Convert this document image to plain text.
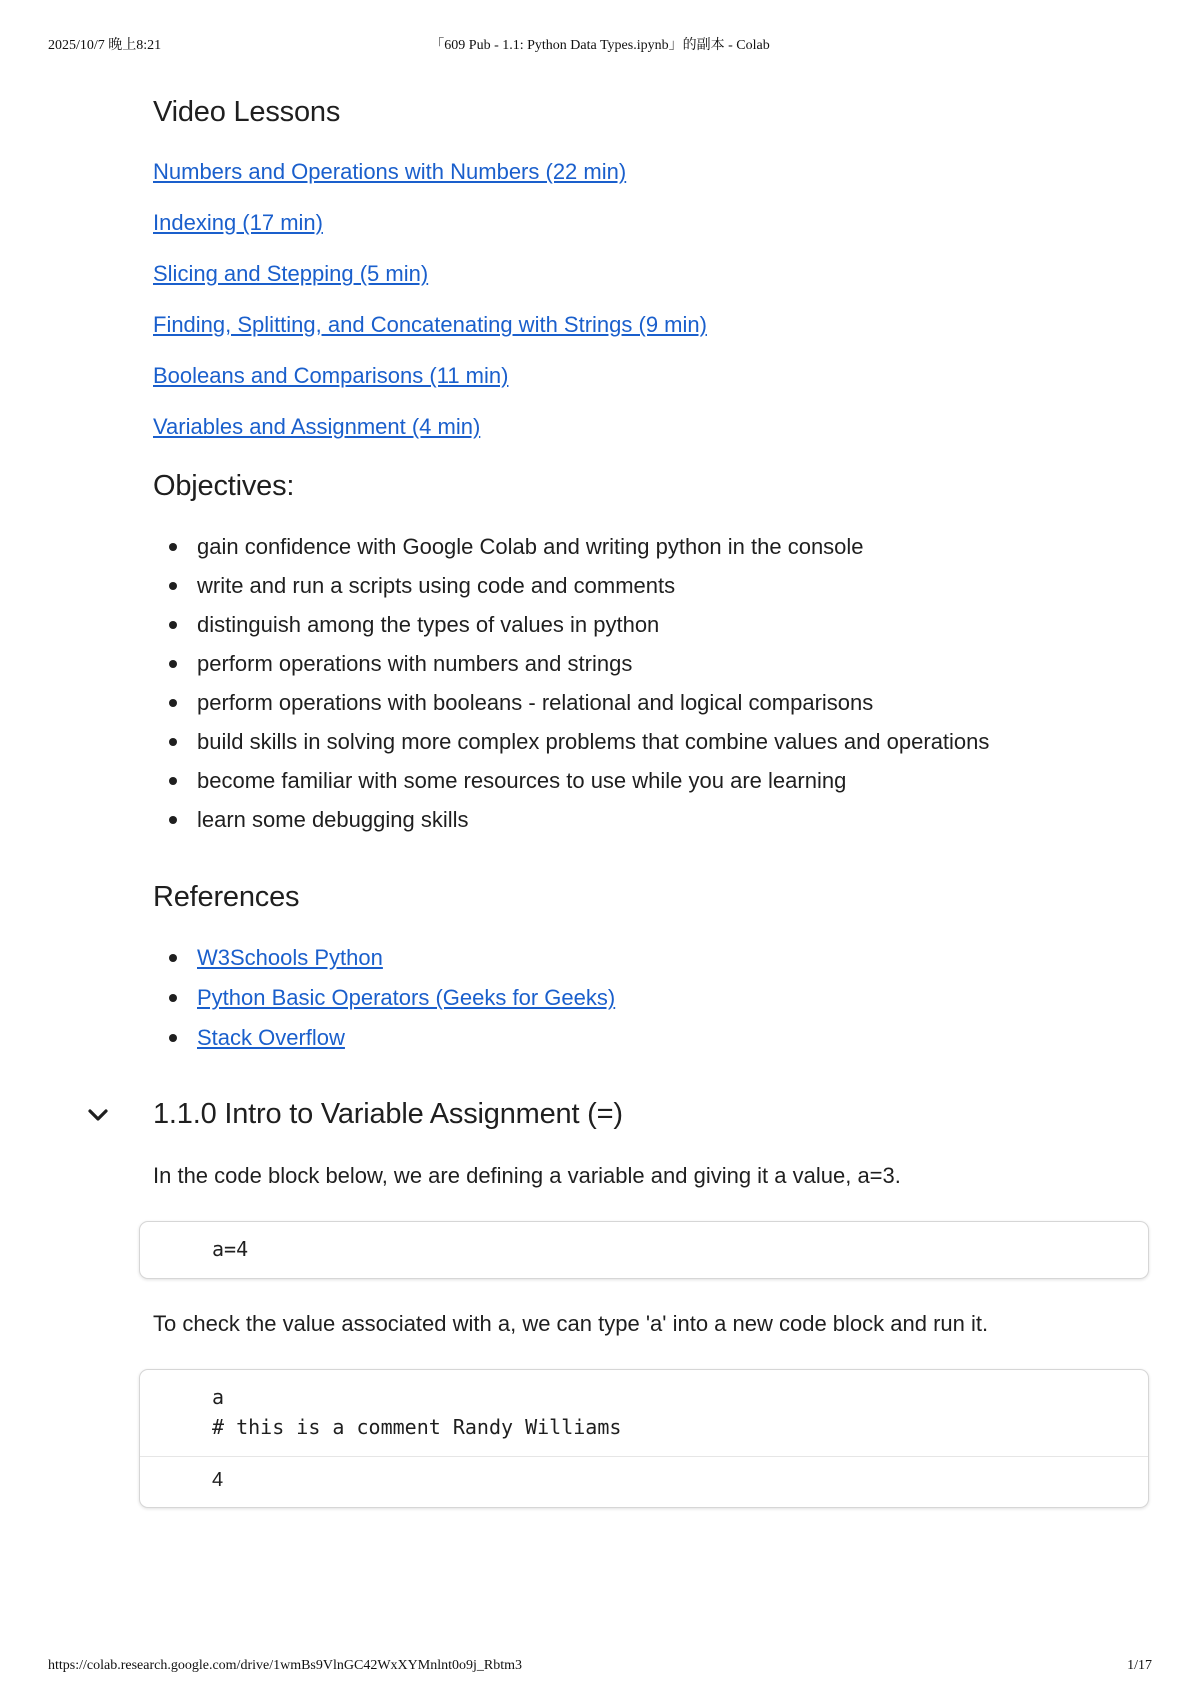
2025/10/7 晚上8:21	「609 Pub - 1.1: Python Data Types.ipynb」的副本 - Colab
Video Lessons
Numbers and Operations with Numbers (22 min)
Indexing (17 min)
Slicing and Stepping (5 min)
Finding, Splitting, and Concatenating with Strings (9 min)
Booleans and Comparisons (11 min)
Variables and Assignment (4 min)
Objectives:
gain confidence with Google Colab and writing python in the console
write and run a scripts using code and comments
distinguish among the types of values in python
perform operations with numbers and strings
perform operations with booleans - relational and logical comparisons
build skills in solving more complex problems that combine values and operations
become familiar with some resources to use while you are learning
learn some debugging skills
References
W3Schools Python
Python Basic Operators (Geeks for Geeks)
Stack Overflow
1.1.0 Intro to Variable Assignment (=)

In the code block below, we are defining a variable and giving it a value, a=3.

a=4

To check the value associated with a, we can type 'a' into a new code block and run it.

a
# this is a comment Randy Williams
4
https://colab.research.google.com/drive/1wmBs9VlnGC42WxXYMnlnt0o9j_Rbtm3	1/17
